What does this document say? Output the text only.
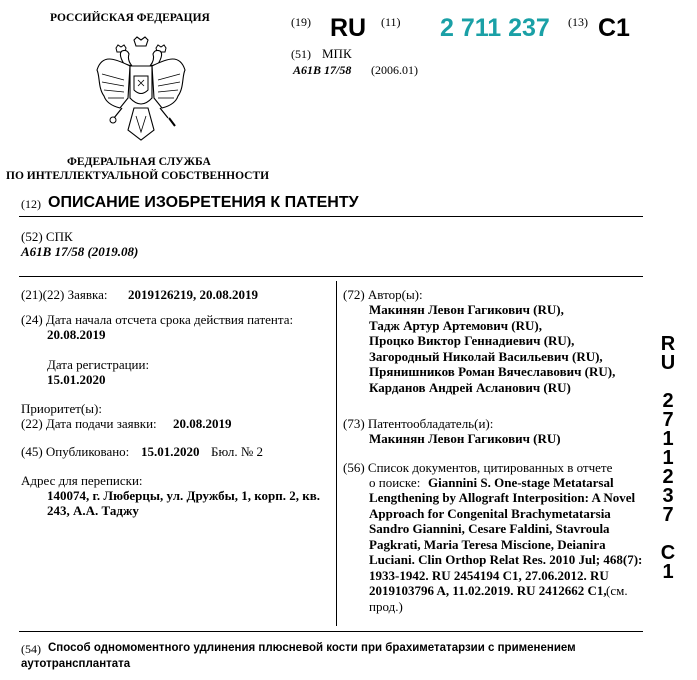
РОССИЙСКАЯ ФЕДЕРАЦИЯ
ФЕДЕРАЛЬНАЯ СЛУЖБА
ПО ИНТЕЛЛЕКТУАЛЬНОЙ СОБСТВЕННОСТИ
(19) RU (11) 2 711 237 (13) C1
(51) МПК
A61B 17/58 (2006.01)
(12) ОПИСАНИЕ ИЗОБРЕТЕНИЯ К ПАТЕНТУ
(52) СПК
A61B 17/58 (2019.08)
(21)(22) Заявка: 2019126219, 20.08.2019
(24) Дата начала отсчета срока действия патента:
20.08.2019
Дата регистрации:
15.01.2020
Приоритет(ы):
(22) Дата подачи заявки: 20.08.2019
(45) Опубликовано: 15.01.2020 Бюл. № 2
Адрес для переписки:
140074, г. Люберцы, ул. Дружбы, 1, корп. 2, кв.
243, А.А. Таджу
(72) Автор(ы):
Макинян Левон Гагикович (RU),
Тадж Артур Артемович (RU),
Процко Виктор Геннадиевич (RU),
Загородный Николай Васильевич (RU),
Прянишников Роман Вячеславович (RU),
Карданов Андрей Асланович (RU)
(73) Патентообладатель(и):
Макинян Левон Гагикович (RU)
(56) Список документов, цитированных в отчете
о поиске: Giannini S. One-stage Metatarsal
Lengthening by Allograft Interposition: A Novel
Approach for Congenital Brachymetatarsia
Sandro Giannini, Cesare Faldini, Stavroula
Pagkrati, Maria Teresa Miscione, Deianira
Luciani. Clin Orthop Relat Res. 2010 Jul; 468(7):
1933-1942. RU 2454194 C1, 27.06.2012. RU
2019103796 A, 11.02.2019. RU 2412662 C1, (см.
прод.)
R
U
2
7
1
1
2
3
7
C
1
(54) Способ одномоментного удлинения плюсневой кости при брахиметатарзии с применением
аутотрансплантата
